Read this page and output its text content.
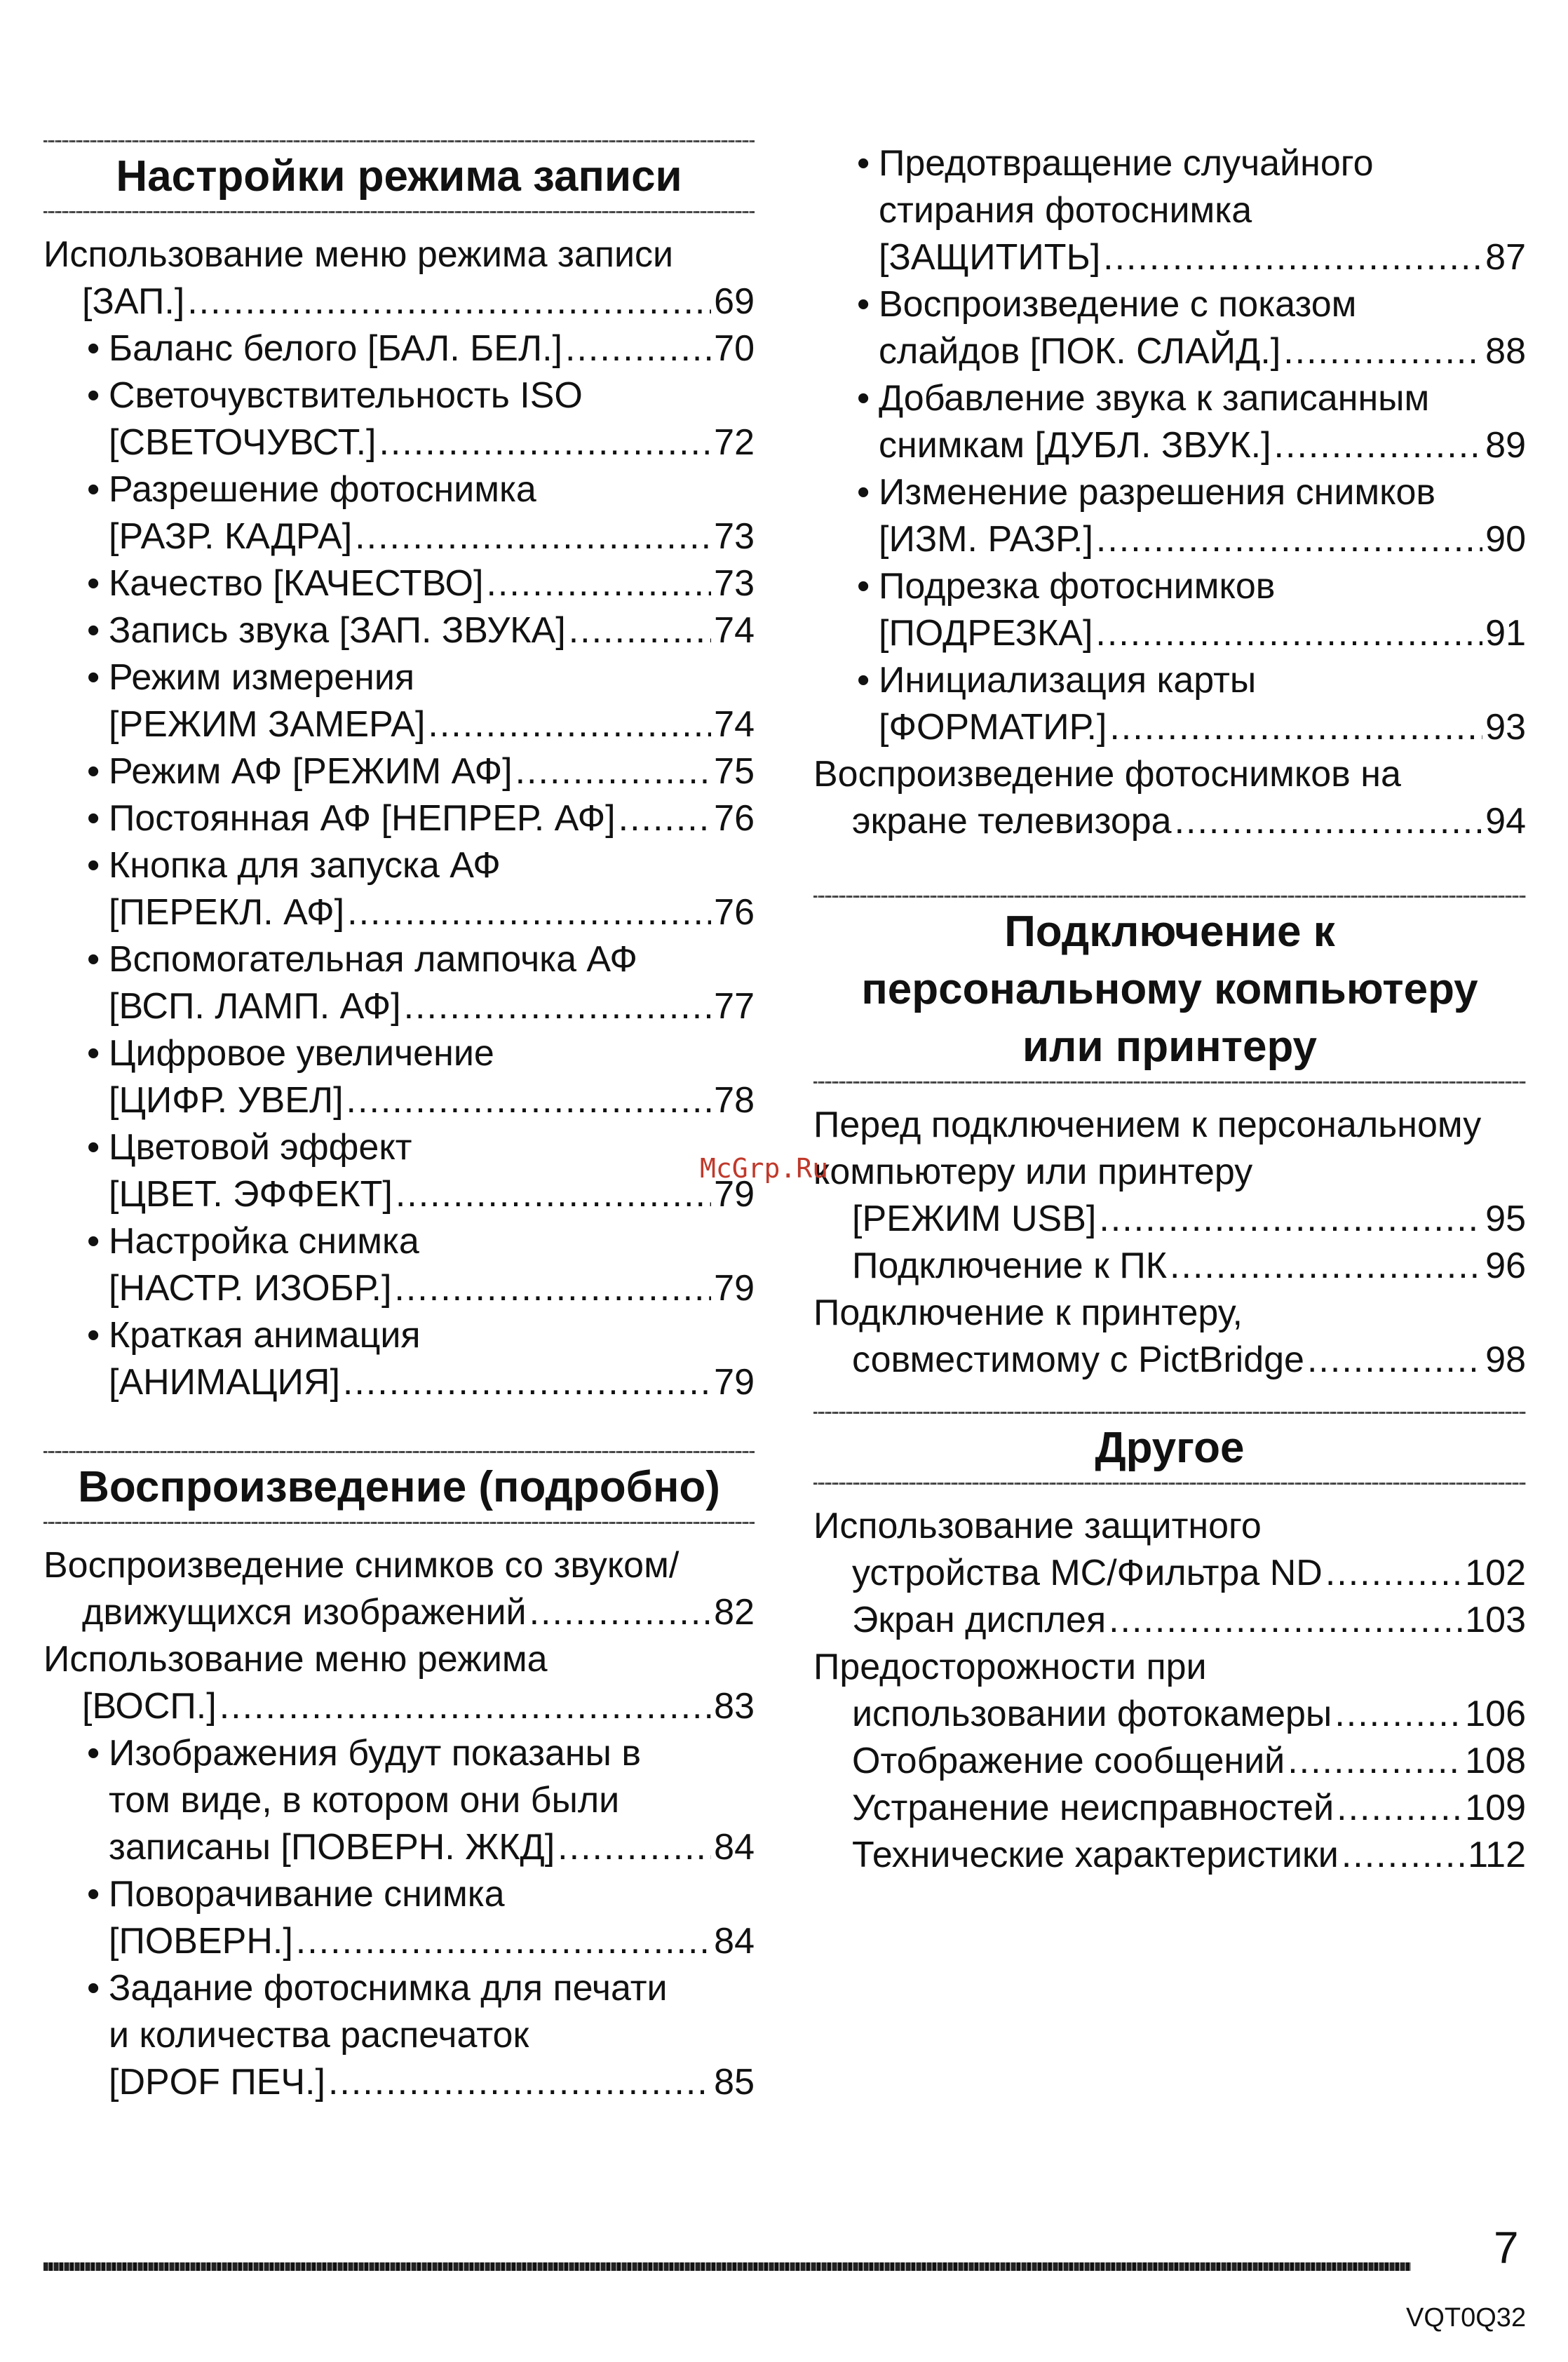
Настройки режима записи
Использование меню режима записи
[ЗАП.] .....	69
• Баланс белого [БАЛ. БЕЛ.] .....	70
• Светочувствительность ISO
[СВЕТОЧУВСТ.] .....	72
• Разрешение фотоснимка
[РАЗР. КАДРА] .....	73
• Качество [КАЧЕСТВО] .....	73
• Запись звука [ЗАП. ЗВУКА] .....	74
• Режим измерения
[РЕЖИМ ЗАМЕРА] .....	74
• Режим АФ [РЕЖИМ АФ] .....	75
• Постоянная АФ [НЕПРЕР. АФ] .....	76
• Кнопка для запуска АФ
[ПЕРЕКЛ. АФ] .....	76
• Вспомогательная лампочка АФ
[ВСП. ЛАМП. АФ] .....	77
• Цифровое увеличение
[ЦИФР. УВЕЛ] .....	78
• Цветовой эффект
[ЦВЕТ. ЭФФЕКТ] .....	79
• Настройка снимка
[НАСТР. ИЗОБР.] .....	79
• Краткая анимация
[АНИМАЦИЯ] .....	79
Воспроизведение (подробно)
Воспроизведение снимков со звуком/
движущихся изображений .....	82
Использование меню режима
[ВОСП.] .....	83
• Изображения будут показаны в
том виде, в котором они были
записаны [ПОВЕРН. ЖКД] .....	84
• Поворачивание снимка
[ПОВЕРН.] .....	84
• Задание фотоснимка для печати
и количества распечаток
[DPOF ПЕЧ.] .....	85
• Предотвращение случайного
стирания фотоснимка
[ЗАЩИТИТЬ] .....	87
• Воспроизведение с показом
слайдов [ПОК. СЛАЙД.] .....	88
• Добавление звука к записанным
снимкам [ДУБЛ. ЗВУК.] .....	89
• Изменение разрешения снимков
[ИЗМ. РАЗР.] .....	90
• Подрезка фотоснимков
[ПОДРЕЗКА] .....	91
• Инициализация карты
[ФОРМАТИР.] .....	93
Воспроизведение фотоснимков на
экране телевизора .....	94
Подключение к
персональному компьютеру
или принтеру
Перед подключением к персональному
компьютеру или принтеру
[РЕЖИМ USB] .....	95
Подключение к ПК .....	96
Подключение к принтеру,
совместимому с PictBridge .....	98
Другое
Использование защитного
устройства MC/Фильтра ND .....	102
Экран дисплея .....	103
Предосторожности при
использовании фотокамеры .....	106
Отображение сообщений .....	108
Устранение неисправностей .....	109
Технические характеристики .....	112
McGrp.Ru
7
VQT0Q32
